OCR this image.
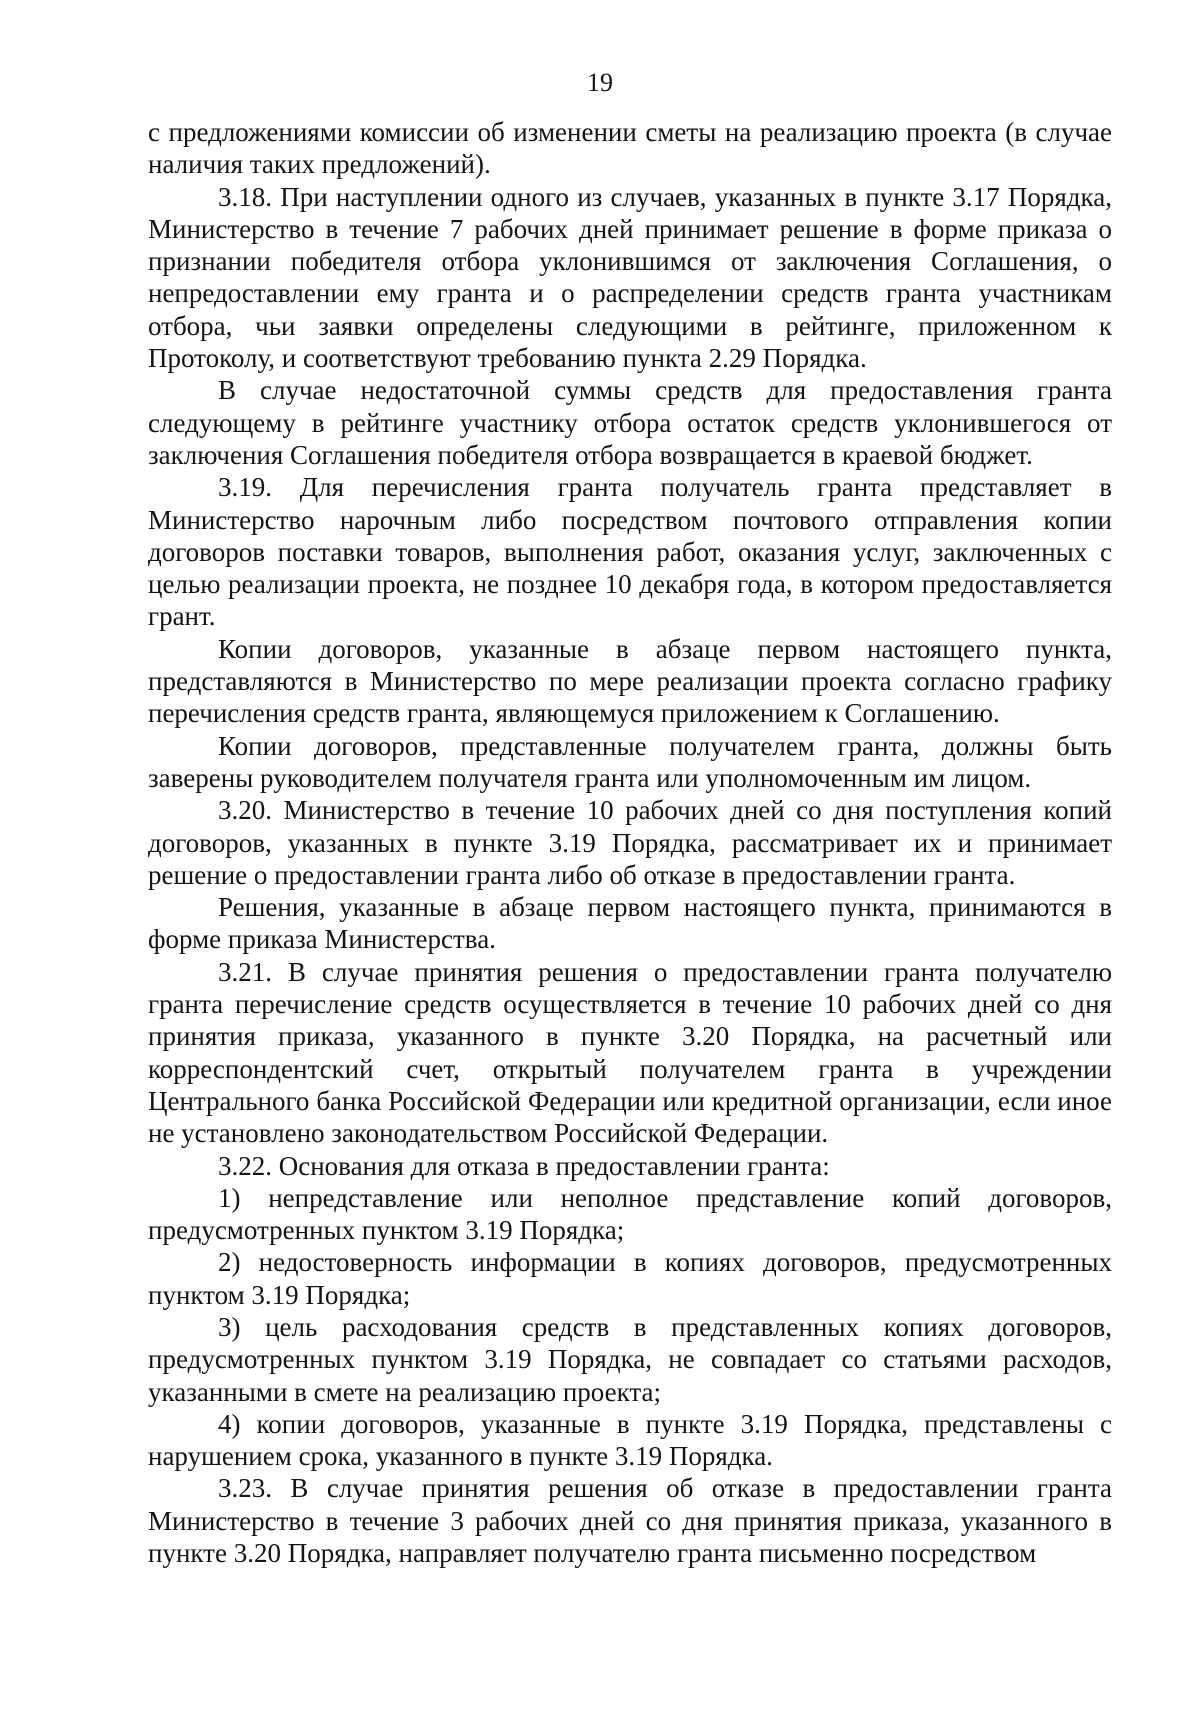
19

с предложениями комиссии об изменении сметы на реализацию проекта (в случае наличия таких предложений).

3.18. При наступлении одного из случаев, указанных в пункте 3.17 Порядка, Министерство в течение 7 рабочих дней принимает решение в форме приказа о признании победителя отбора уклонившимся от заключения Соглашения, о непредоставлении ему гранта и о распределении средств гранта участникам отбора, чьи заявки определены следующими в рейтинге, приложенном к Протоколу, и соответствуют требованию пункта 2.29 Порядка.

В случае недостаточной суммы средств для предоставления гранта следующему в рейтинге участнику отбора остаток средств уклонившегося от заключения Соглашения победителя отбора возвращается в краевой бюджет.

3.19. Для перечисления гранта получатель гранта представляет в Министерство нарочным либо посредством почтового отправления копии договоров поставки товаров, выполнения работ, оказания услуг, заключенных с целью реализации проекта, не позднее 10 декабря года, в котором предоставляется грант.

Копии договоров, указанные в абзаце первом настоящего пункта, представляются в Министерство по мере реализации проекта согласно графику перечисления средств гранта, являющемуся приложением к Соглашению.

Копии договоров, представленные получателем гранта, должны быть заверены руководителем получателя гранта или уполномоченным им лицом.

3.20. Министерство в течение 10 рабочих дней со дня поступления копий договоров, указанных в пункте 3.19 Порядка, рассматривает их и принимает решение о предоставлении гранта либо об отказе в предоставлении гранта.

Решения, указанные в абзаце первом настоящего пункта, принимаются в форме приказа Министерства.

3.21. В случае принятия решения о предоставлении гранта получателю гранта перечисление средств осуществляется в течение 10 рабочих дней со дня принятия приказа, указанного в пункте 3.20 Порядка, на расчетный или корреспондентский счет, открытый получателем гранта в учреждении Центрального банка Российской Федерации или кредитной организации, если иное не установлено законодательством Российской Федерации.

3.22. Основания для отказа в предоставлении гранта:

1) непредставление или неполное представление копий договоров, предусмотренных пунктом 3.19 Порядка;

2) недостоверность информации в копиях договоров, предусмотренных пунктом 3.19 Порядка;

3) цель расходования средств в представленных копиях договоров, предусмотренных пунктом 3.19 Порядка, не совпадает со статьями расходов, указанными в смете на реализацию проекта;

4) копии договоров, указанные в пункте 3.19 Порядка, представлены с нарушением срока, указанного в пункте 3.19 Порядка.

3.23. В случае принятия решения об отказе в предоставлении гранта Министерство в течение 3 рабочих дней со дня принятия приказа, указанного в пункте 3.20 Порядка, направляет получателю гранта письменно посредством
